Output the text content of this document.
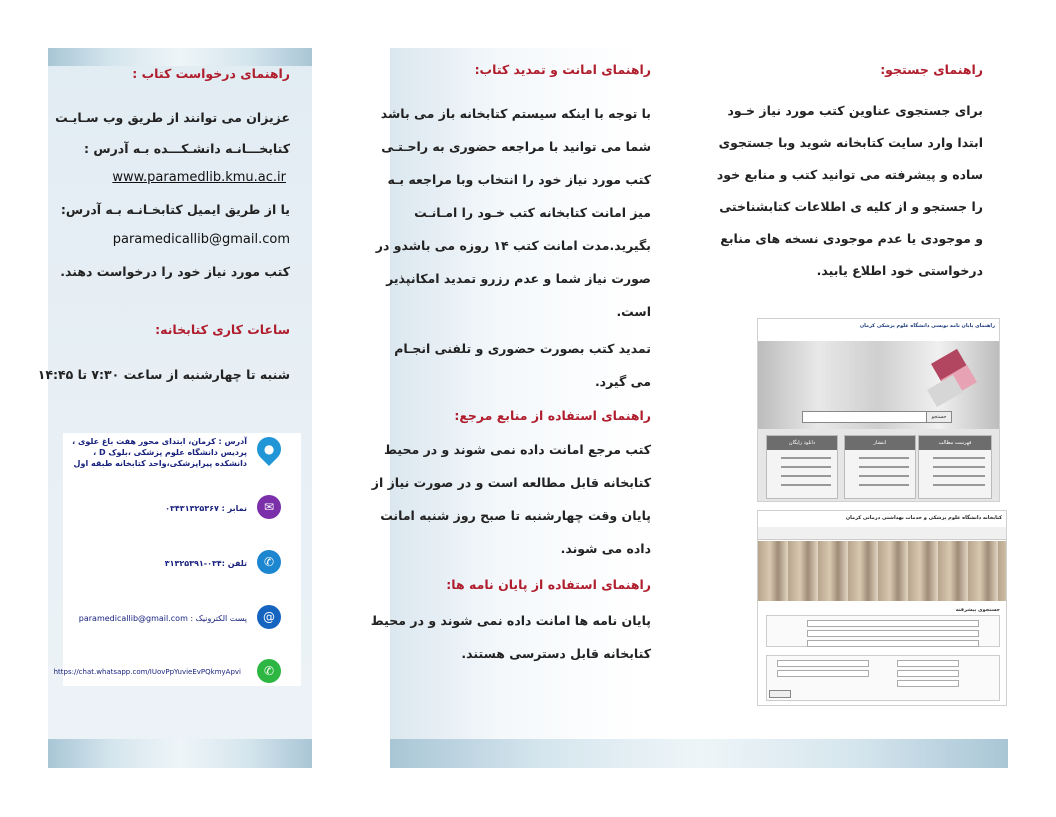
راهنمای درخواست کتاب :

عزیزان می توانند از طریق وب سـایـت

کتابخـــانـه دانشـکـــده بـه آدرس :

www.paramedlib.kmu.ac.ir

یا از طریق ایمیل کتابخـانـه بـه آدرس:

paramedicallib@gmail.com

کتب مورد نیاز خود را درخواست دهند.

ساعات کاری کتابخانه:

شنبه تا چهارشنبه از ساعت ۷:۳۰ تا ۱۴:۴۵

●
آدرس : کرمان، ابتدای محور هفت باغ علوی ، پردیس دانشگاه علوم پزشکی ،بلوک D ، دانشکده پیراپزشکی،واحد کتابخانه طبقه اول
✉
نمابر : ۰۳۴۳۱۳۲۵۳۶۷
✆
تلفن :۰۳۴-۳۱۳۲۵۳۹۱
@
پست الکترونیک : paramedicallib@gmail.com
✆
https://chat.whatsapp.com/IUovPpYuvieEvPQkmyApvi

راهنمای امانت و تمدید کتاب:

با توجه با اینکه سیستم کتابخانه باز می باشد

شما می توانید با مراجعه حضوری به راحـتـی

کتب مورد نیاز خود را انتخاب وبا مراجعه بـه

میز امانت کتابخانه کتب خـود را امـانـت

بگیرید.مدت امانت کتب ۱۴ روزه می باشدو در

صورت نیاز شما و عدم رزرو تمدید امکانپذیر

است.

تمدید کتب بصورت حضوری و تلفنی انجـام

می گیرد.

راهنمای استفاده از منابع مرجع:

کتب مرجع امانت داده نمی شوند و در محیط

کتابخانه قابل مطالعه است و در صورت نیاز از

پایان وقت چهارشنبه تا صبح روز شنبه امانت

داده می شوند.

راهنمای استفاده از پایان نامه ها:

پایان نامه ها امانت داده نمی شوند و در محیط

کتابخانه قابل دسترسی هستند.

راهنمای جستجو:

برای جستجوی عناوین کتب مورد نیاز خـود

ابتدا وارد سایت کتابخانه شوید وبا جستجوی

ساده و پیشرفته می توانید کتب و منابع خود

را جستجو و از کلیه ی اطلاعات کتابشناختی

و موجودی یا عدم موجودی نسخه های منابع

درخواستی خود اطلاع یابید.

راهنمای پایان نامه نویسی دانشگاه علوم پزشکی کرمان
جستجو
فهرست مطالب
انتشار
دانلود رایگان
کتابخانه دانشگاه علوم پزشکی و خدمات بهداشتی درمانی کرمان
جستجوی پیشرفته
